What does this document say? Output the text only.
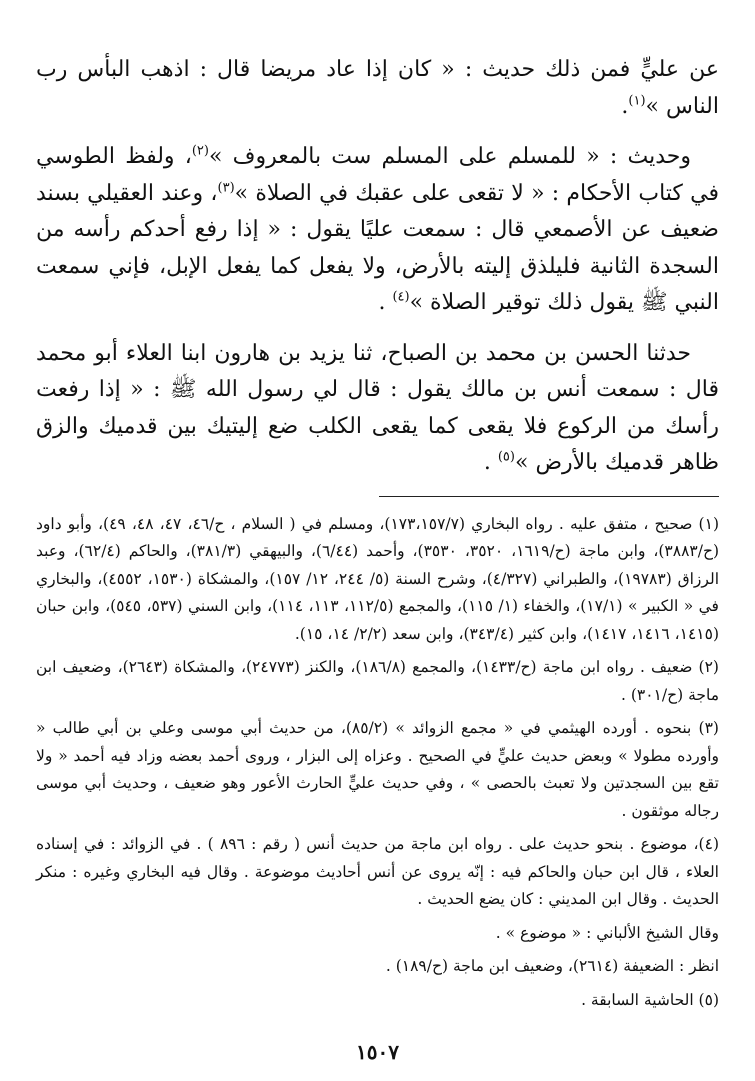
عن عليٍّ فمن ذلك حديث : « كان إذا عاد مريضا قال : اذهب البأس رب الناس »$^{(١)}$.

وحديث : « للمسلم على المسلم ست بالمعروف »$^{(٢)}$، ولفظ الطوسي في كتاب الأحكام : « لا تقعى على عقبك في الصلاة »$^{(٣)}$، وعند العقيلي بسند ضعيف عن الأصمعي قال : سمعت عليًا يقول : « إذا رفع أحدكم رأسه من السجدة الثانية فليلذق إليته بالأرض، ولا يفعل كما يفعل الإبل، فإني سمعت النبي ﷺ يقول ذلك توقير الصلاة »$^{(٤)}$ .

حدثنا الحسن بن محمد بن الصباح، ثنا يزيد بن هارون ابنا العلاء أبو محمد قال : سمعت أنس بن مالك يقول : قال لي رسول الله ﷺ : « إذا رفعت رأسك من الركوع فلا يقعى كما يقعى الكلب ضع إليتيك بين قدميك والزق ظاهر قدميك بالأرض »$^{(٥)}$ .

(١) صحيح ، متفق عليه . رواه البخاري (١٧٣،١٥٧/٧)، ومسلم في ( السلام ، ح/٤٦، ٤٧، ٤٨، ٤٩)، وأبو داود (ح/٣٨٨٣)، وابن ماجة (ح/١٦١٩، ٣٥٢٠، ٣٥٣٠)، وأحمد (٦/٤٤)، والبيهقي (٣٨١/٣)، والحاكم (٦٢/٤)، وعبد الرزاق (١٩٧٨٣)، والطبراني (٤/٣٢٧)، وشرح السنة (٥/ ٢٤٤، ١٢/ ١٥٧)، والمشكاة (١٥٣٠، ٤٥٥٢)، والبخاري في « الكبير » (١٧/١)، والخفاء (١/ ١١٥)، والمجمع (١١٢/٥، ١١٣، ١١٤)، وابن السني (٥٣٧، ٥٤٥)، وابن حبان (١٤١٥، ١٤١٦، ١٤١٧)، وابن كثير (٣٤٣/٤)، وابن سعد (٢/٢/ ١٤، ١٥).

(٢) ضعيف . رواه ابن ماجة (ح/١٤٣٣)، والمجمع (١٨٦/٨)، والكنز (٢٤٧٧٣)، والمشكاة (٢٦٤٣)، وضعيف ابن ماجة (ح/٣٠١) .

(٣) بنحوه . أورده الهيثمي في « مجمع الزوائد » (٨٥/٢)، من حديث أبي موسى وعلي بن أبي طالب « وأورده مطولا » وبعض حديث عليٍّ في الصحيح . وعزاه إلى البزار ، وروى أحمد بعضه وزاد فيه أحمد « ولا تقع بين السجدتين ولا تعبث بالحصى » ، وفي حديث عليٍّ الحارث الأعور وهو ضعيف ، وحديث أبي موسى رجاله موثقون .

(٤)، موضوع . بنحو حديث على . رواه ابن ماجة من حديث أنس ( رقم : ٨٩٦ ) . في الزوائد : في إسناده العلاء ، قال ابن حبان والحاكم فيه : إنّه يروى عن أنس أحاديث موضوعة . وقال فيه البخاري وغيره : منكر الحديث . وقال ابن المديني : كان يضع الحديث .

وقال الشيخ الألباني : « موضوع » .

انظر : الضعيفة (٢٦١٤)، وضعيف ابن ماجة (ح/١٨٩) .

(٥) الحاشية السابقة .

١٥٠٧
